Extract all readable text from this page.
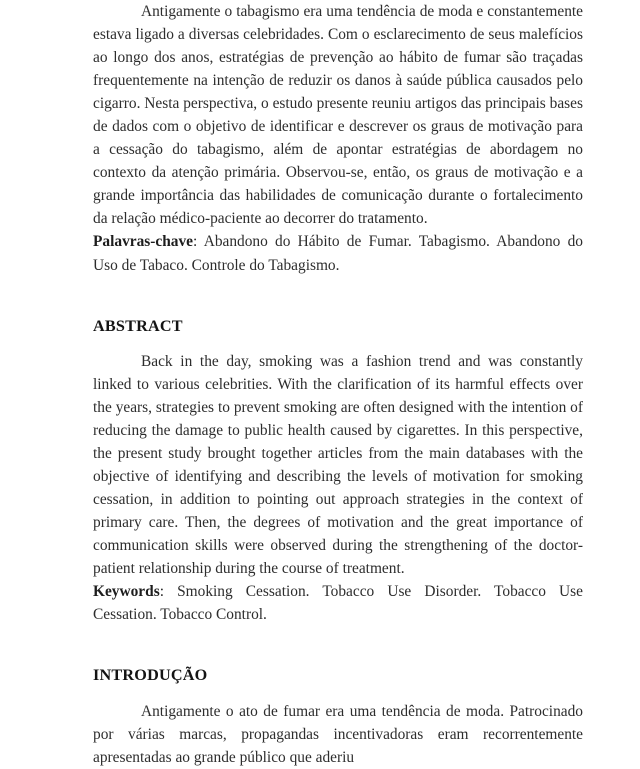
Antigamente o tabagismo era uma tendência de moda e constantemente estava ligado a diversas celebridades. Com o esclarecimento de seus malefícios ao longo dos anos, estratégias de prevenção ao hábito de fumar são traçadas frequentemente na intenção de reduzir os danos à saúde pública causados pelo cigarro. Nesta perspectiva, o estudo presente reuniu artigos das principais bases de dados com o objetivo de identificar e descrever os graus de motivação para a cessação do tabagismo, além de apontar estratégias de abordagem no contexto da atenção primária. Observou-se, então, os graus de motivação e a grande importância das habilidades de comunicação durante o fortalecimento da relação médico-paciente ao decorrer do tratamento.

Palavras-chave: Abandono do Hábito de Fumar. Tabagismo. Abandono do Uso de Tabaco. Controle do Tabagismo.

ABSTRACT

Back in the day, smoking was a fashion trend and was constantly linked to various celebrities. With the clarification of its harmful effects over the years, strategies to prevent smoking are often designed with the intention of reducing the damage to public health caused by cigarettes. In this perspective, the present study brought together articles from the main databases with the objective of identifying and describing the levels of motivation for smoking cessation, in addition to pointing out approach strategies in the context of primary care. Then, the degrees of motivation and the great importance of communication skills were observed during the strengthening of the doctor-patient relationship during the course of treatment.

Keywords: Smoking Cessation. Tobacco Use Disorder. Tobacco Use Cessation. Tobacco Control.

INTRODUÇÃO

Antigamente o ato de fumar era uma tendência de moda. Patrocinado por várias marcas, propagandas incentivadoras eram recorrentemente apresentadas ao grande público que aderiu
